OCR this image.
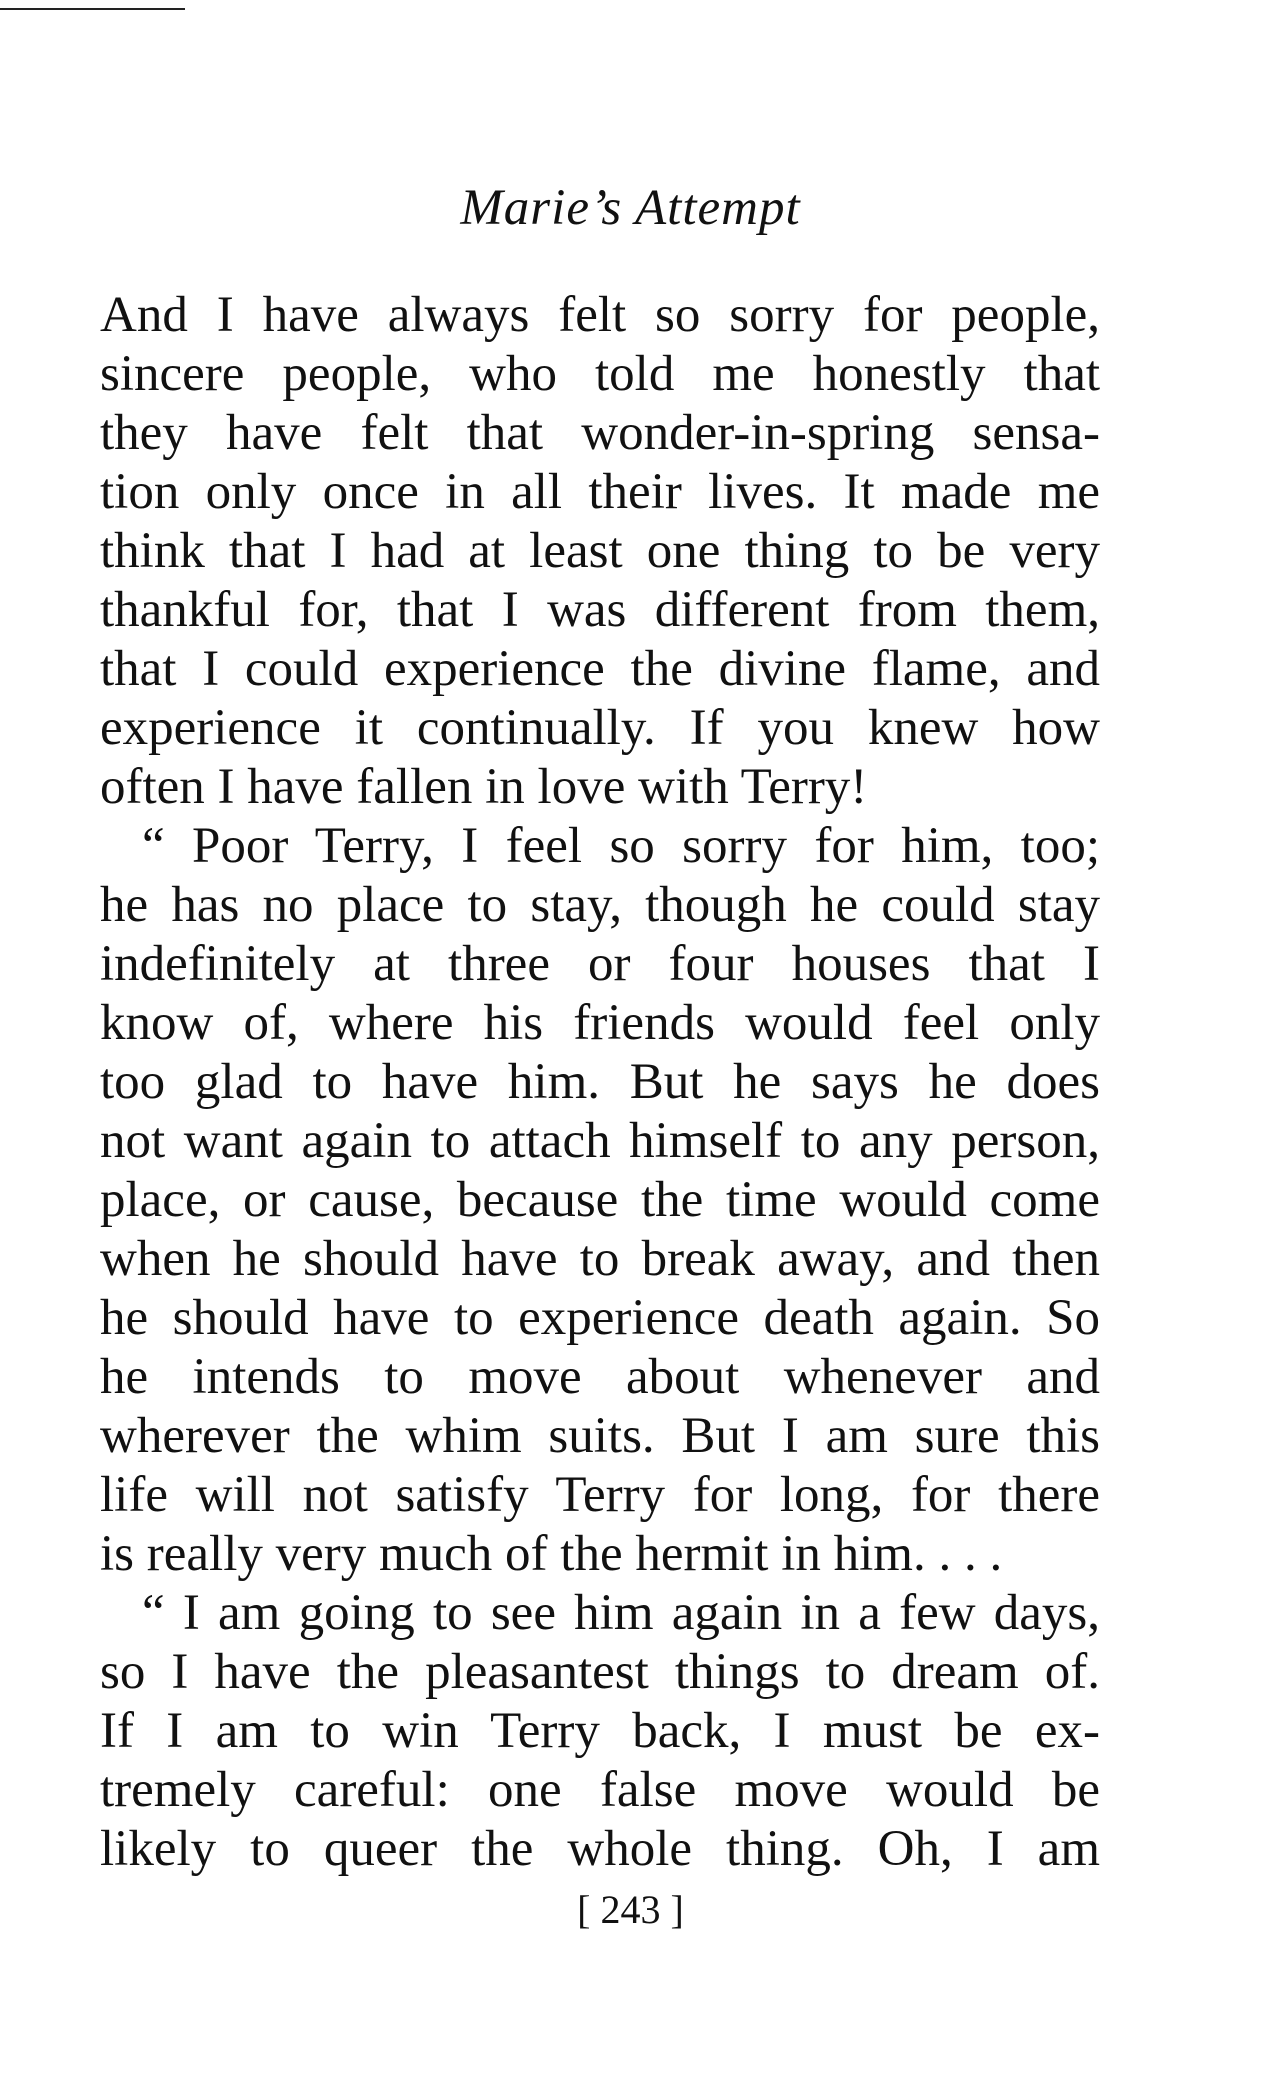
Marie’s Attempt
And I have always felt so sorry for people,
sincere people, who told me honestly that
they have felt that wonder-in-spring sensa-
tion only once in all their lives. It made me
think that I had at least one thing to be very
thankful for, that I was different from them,
that I could experience the divine flame, and
experience it continually. If you knew how
often I have fallen in love with Terry!
“ Poor Terry, I feel so sorry for him, too;
he has no place to stay, though he could stay
indefinitely at three or four houses that I
know of, where his friends would feel only
too glad to have him. But he says he does
not want again to attach himself to any person,
place, or cause, because the time would come
when he should have to break away, and then
he should have to experience death again. So
he intends to move about whenever and
wherever the whim suits. But I am sure this
life will not satisfy Terry for long, for there
is really very much of the hermit in him. . . .
“ I am going to see him again in a few days,
so I have the pleasantest things to dream of.
If I am to win Terry back, I must be ex-
tremely careful: one false move would be
likely to queer the whole thing. Oh, I am
[ 243 ]
